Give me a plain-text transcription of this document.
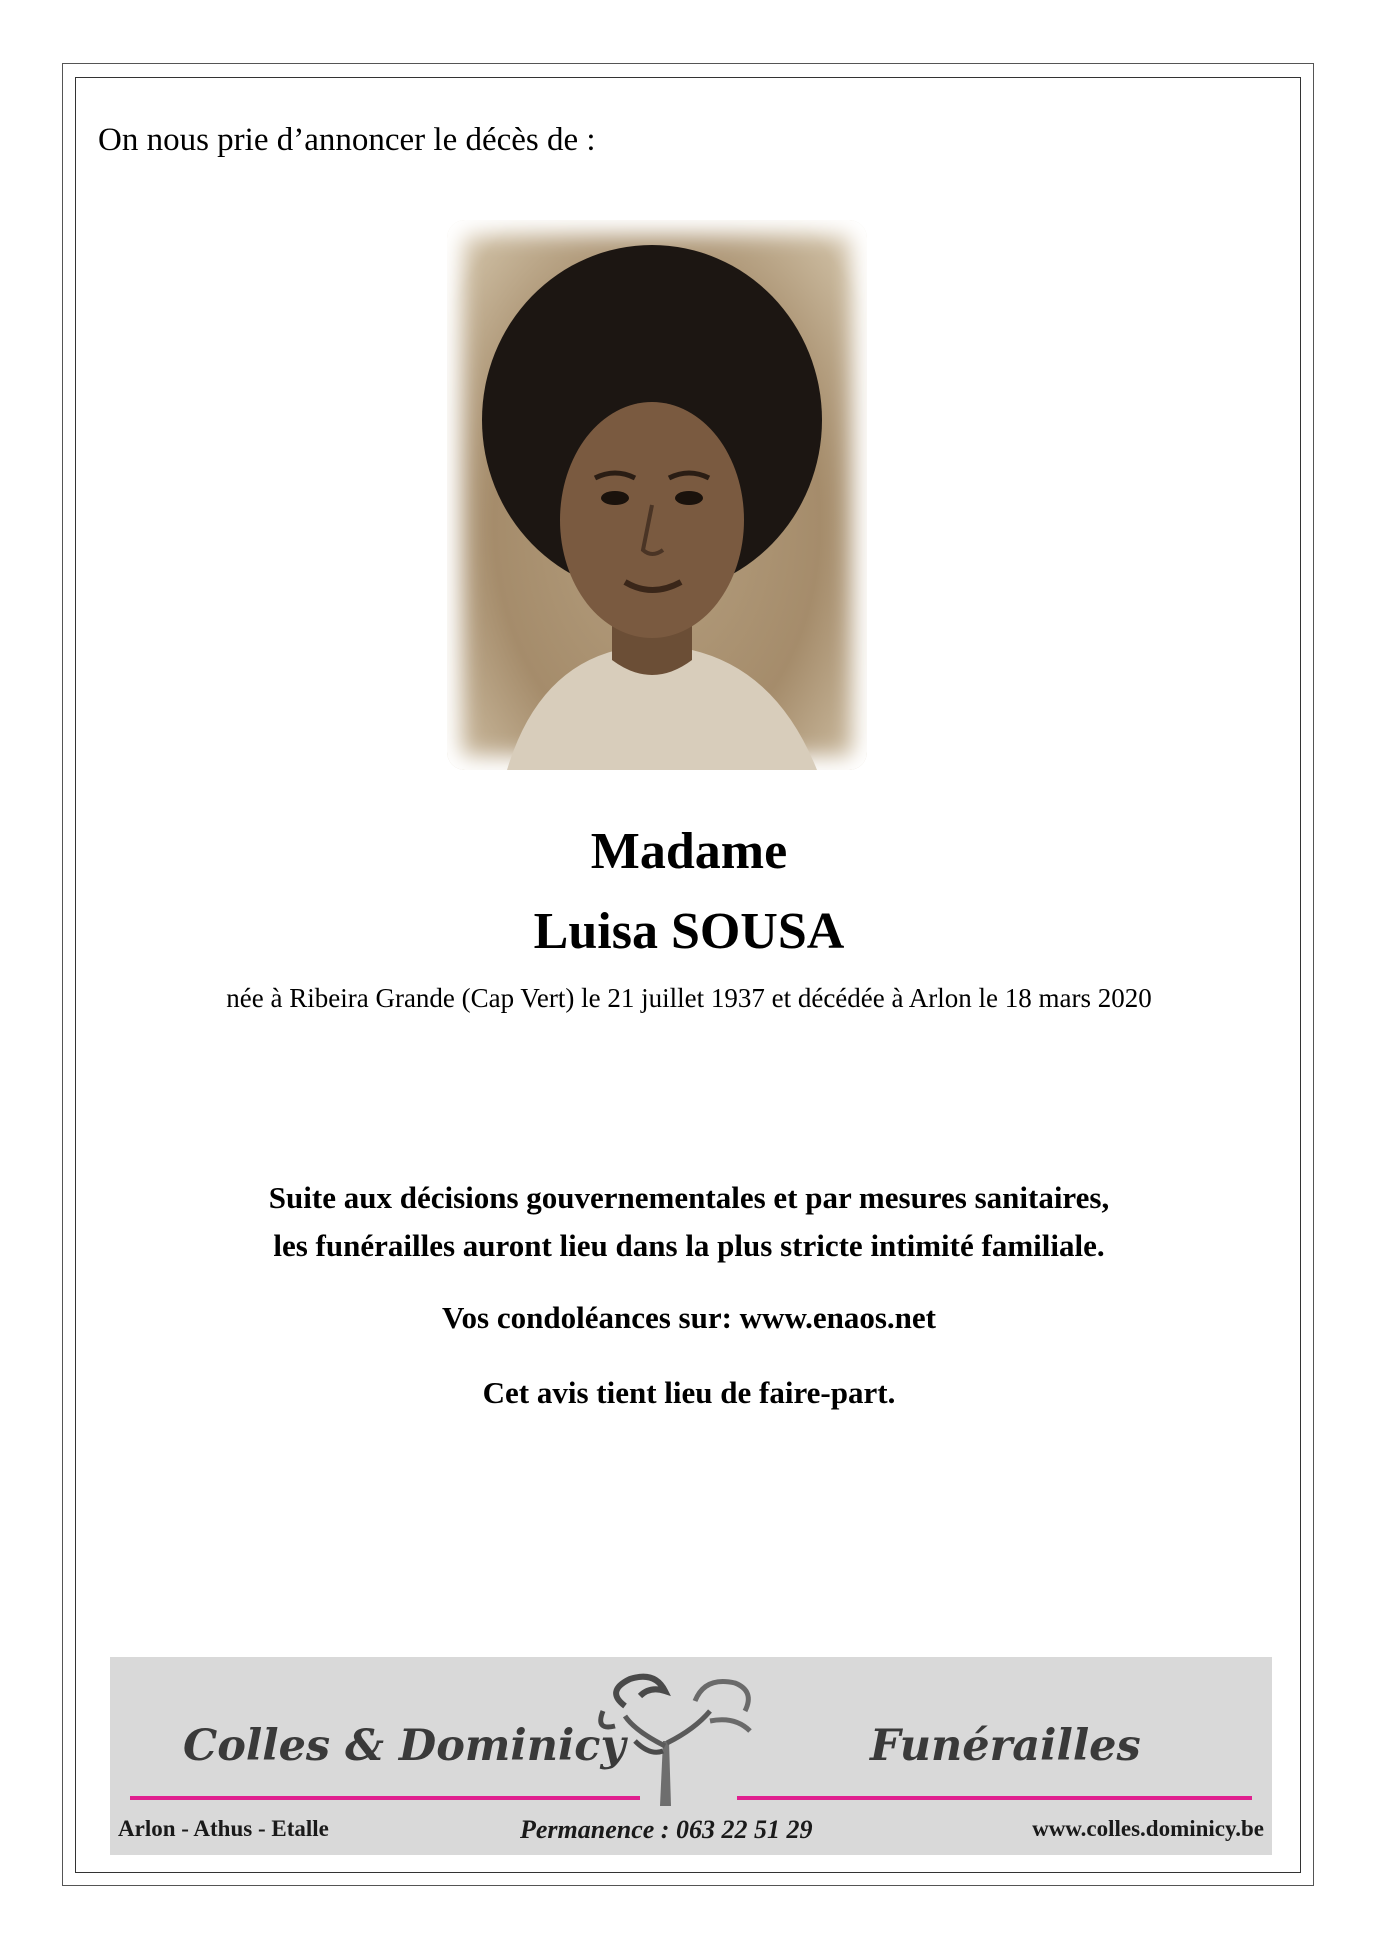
On nous prie d’annoncer le décès de :
Madame
Luisa SOUSA
née à Ribeira Grande (Cap Vert) le 21 juillet 1937 et décédée à Arlon le 18 mars 2020
Suite aux décisions gouvernementales et par mesures sanitaires,
les funérailles auront lieu dans la plus stricte intimité familiale.
Vos condoléances sur: www.enaos.net
Cet avis tient lieu de faire-part.
Colles & Dominicy	Funérailles
Arlon - Athus - Etalle	Permanence : 063 22 51 29	www.colles.dominicy.be
